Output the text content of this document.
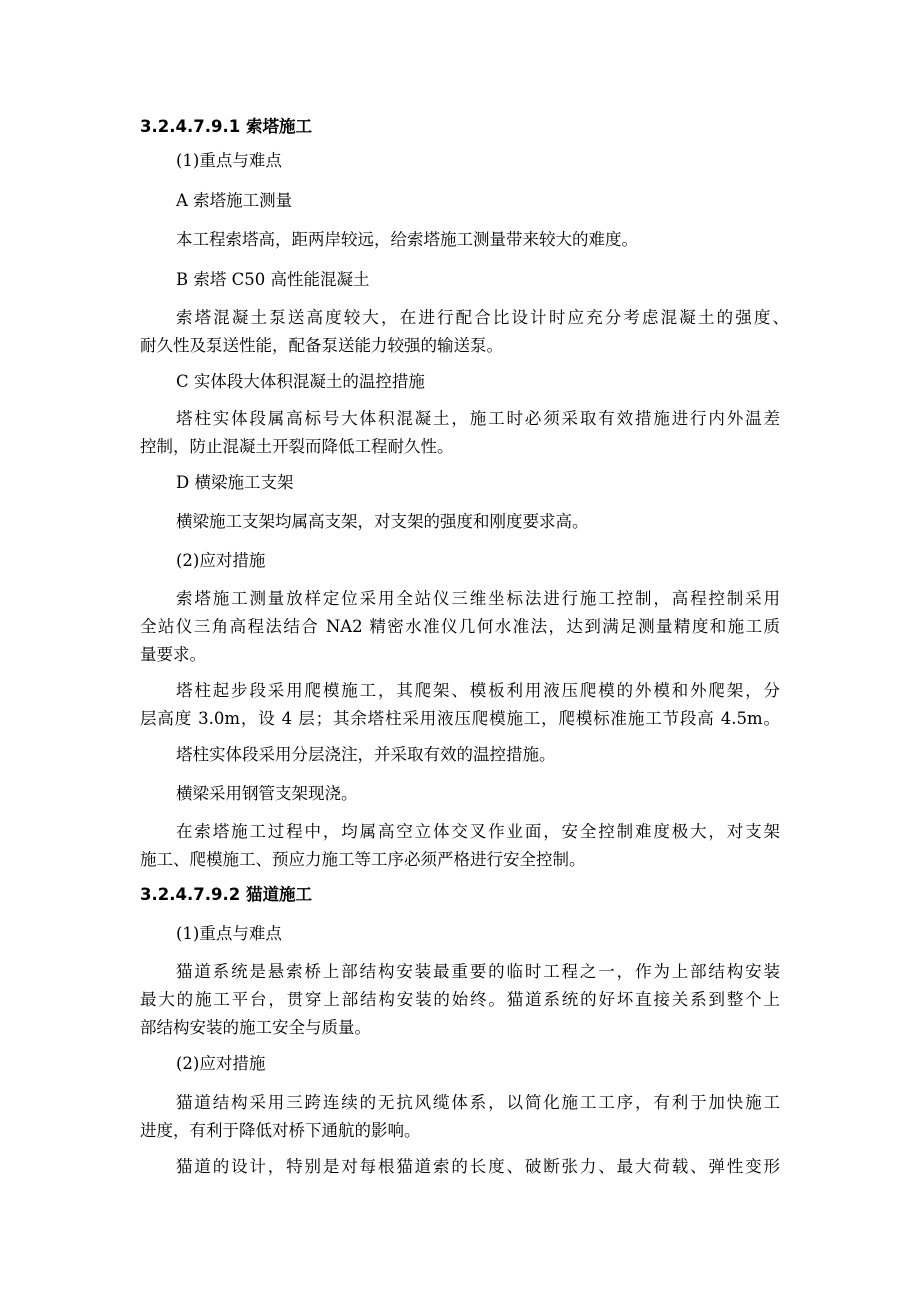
3.2.4.7.9.1 索塔施工
(1)重点与难点
A 索塔施工测量
本工程索塔高，距两岸较远，给索塔施工测量带来较大的难度。
B 索塔 C50 高性能混凝土
索塔混凝土泵送高度较大，在进行配合比设计时应充分考虑混凝土的强度、
耐久性及泵送性能，配备泵送能力较强的输送泵。
C 实体段大体积混凝土的温控措施
塔柱实体段属高标号大体积混凝土，施工时必须采取有效措施进行内外温差
控制，防止混凝土开裂而降低工程耐久性。
D 横梁施工支架
横梁施工支架均属高支架，对支架的强度和刚度要求高。
(2)应对措施
索塔施工测量放样定位采用全站仪三维坐标法进行施工控制，高程控制采用
全站仪三角高程法结合 NA2 精密水准仪几何水准法，达到满足测量精度和施工质
量要求。
塔柱起步段采用爬模施工，其爬架、模板利用液压爬模的外模和外爬架，分
层高度 3.0m，设 4 层；其余塔柱采用液压爬模施工，爬模标准施工节段高 4.5m。
塔柱实体段采用分层浇注，并采取有效的温控措施。
横梁采用钢管支架现浇。
在索塔施工过程中，均属高空立体交叉作业面，安全控制难度极大，对支架
施工、爬模施工、预应力施工等工序必须严格进行安全控制。
3.2.4.7.9.2 猫道施工
(1)重点与难点
猫道系统是悬索桥上部结构安装最重要的临时工程之一，作为上部结构安装
最大的施工平台，贯穿上部结构安装的始终。猫道系统的好坏直接关系到整个上
部结构安装的施工安全与质量。
(2)应对措施
猫道结构采用三跨连续的无抗风缆体系，以简化施工工序，有利于加快施工
进度，有利于降低对桥下通航的影响。
猫道的设计，特别是对每根猫道索的长度、破断张力、最大荷载、弹性变形
